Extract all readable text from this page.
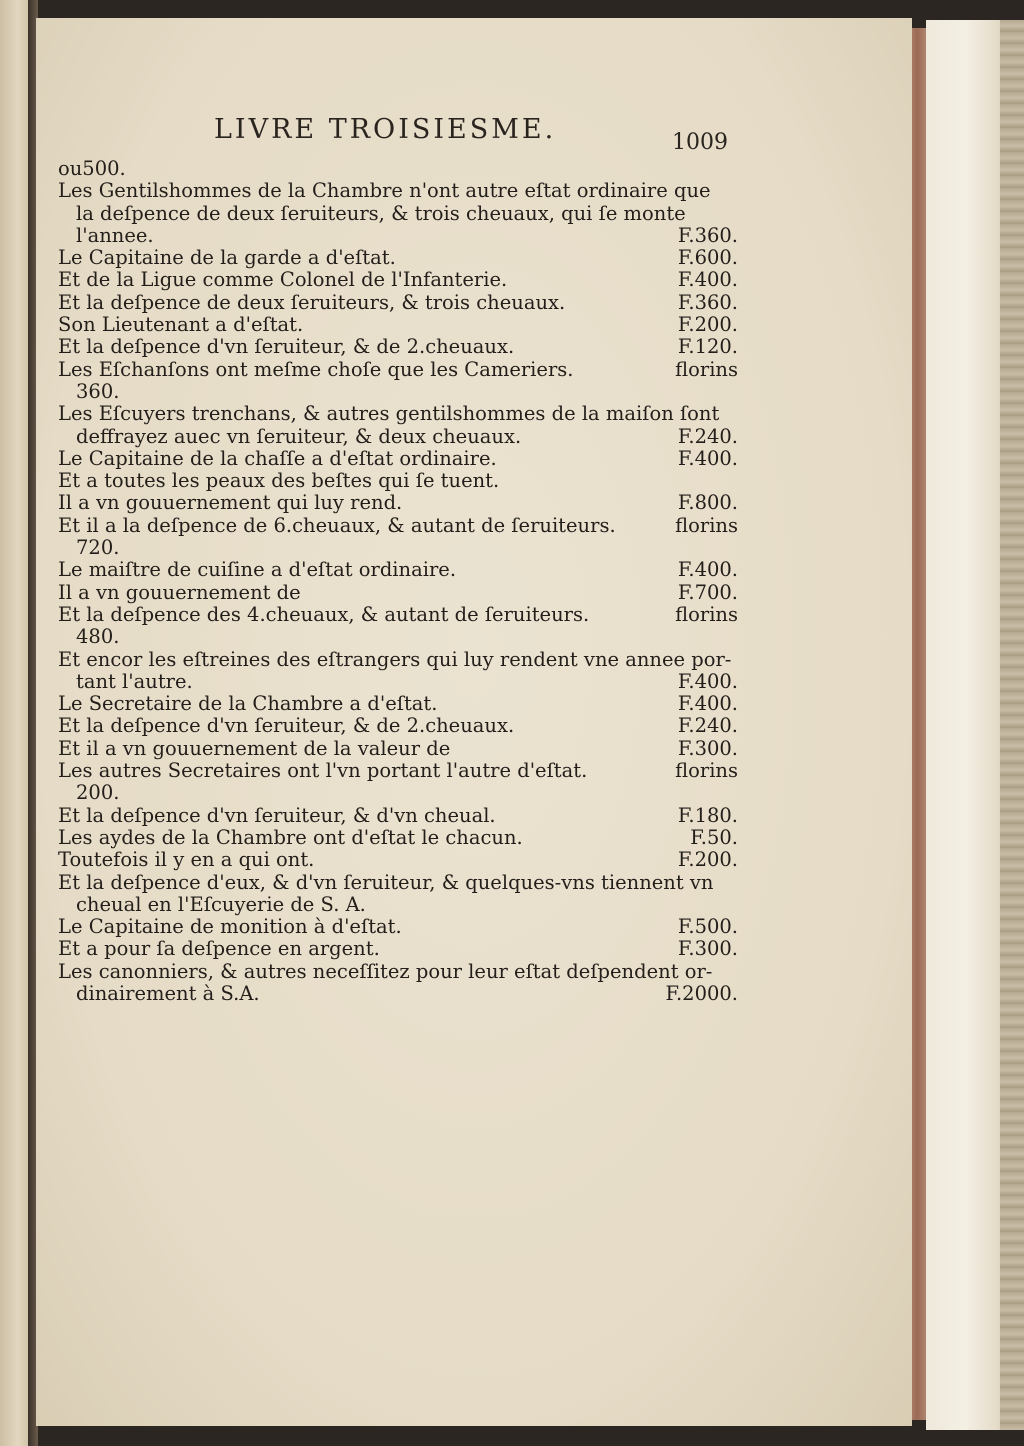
LIVRE TROISIESME.	1009
ou500.
Les Gentilshommes de la Chambre n'ont autre eſtat ordinaire que
la deſpence de deux ſeruiteurs, & trois cheuaux, qui ſe monte
l'annee.	F.360.
Le Capitaine de la garde a d'eſtat.	F.600.
Et de la Ligue comme Colonel de l'Infanterie.	F.400.
Et la deſpence de deux ſeruiteurs, & trois cheuaux.	F.360.
Son Lieutenant a d'eſtat.	F.200.
Et la deſpence d'vn ſeruiteur, & de 2.cheuaux.	F.120.
Les Eſchanſons ont meſme choſe que les Cameriers.	florins
360.
Les Eſcuyers trenchans, & autres gentilshommes de la maiſon ſont
deffrayez auec vn ſeruiteur, & deux cheuaux.	F.240.
Le Capitaine de la chaſſe a d'eſtat ordinaire.	F.400.
Et a toutes les peaux des beſtes qui ſe tuent.
Il a vn gouuernement qui luy rend.	F.800.
Et il a la deſpence de 6.cheuaux, & autant de ſeruiteurs.	florins
720.
Le maiſtre de cuiſine a d'eſtat ordinaire.	F.400.
Il a vn gouuernement de	F.700.
Et la deſpence des 4.cheuaux, & autant de ſeruiteurs.	florins
480.
Et encor les eſtreines des eſtrangers qui luy rendent vne annee por-
tant l'autre.	F.400.
Le Secretaire de la Chambre a d'eſtat.	F.400.
Et la deſpence d'vn ſeruiteur, & de 2.cheuaux.	F.240.
Et il a vn gouuernement de la valeur de	F.300.
Les autres Secretaires ont l'vn portant l'autre d'eſtat.	florins
200.
Et la deſpence d'vn ſeruiteur, & d'vn cheual.	F.180.
Les aydes de la Chambre ont d'eſtat le chacun.	F.50.
Toutefois il y en a qui ont.	F.200.
Et la deſpence d'eux, & d'vn ſeruiteur, & quelques-vns tiennent vn
cheual en l'Eſcuyerie de S. A.
Le Capitaine de monition à d'eſtat.	F.500.
Et a pour ſa deſpence en argent.	F.300.
Les canonniers, & autres neceſſitez pour leur eſtat deſpendent or-
dinairement à S.A.	F.2000.
